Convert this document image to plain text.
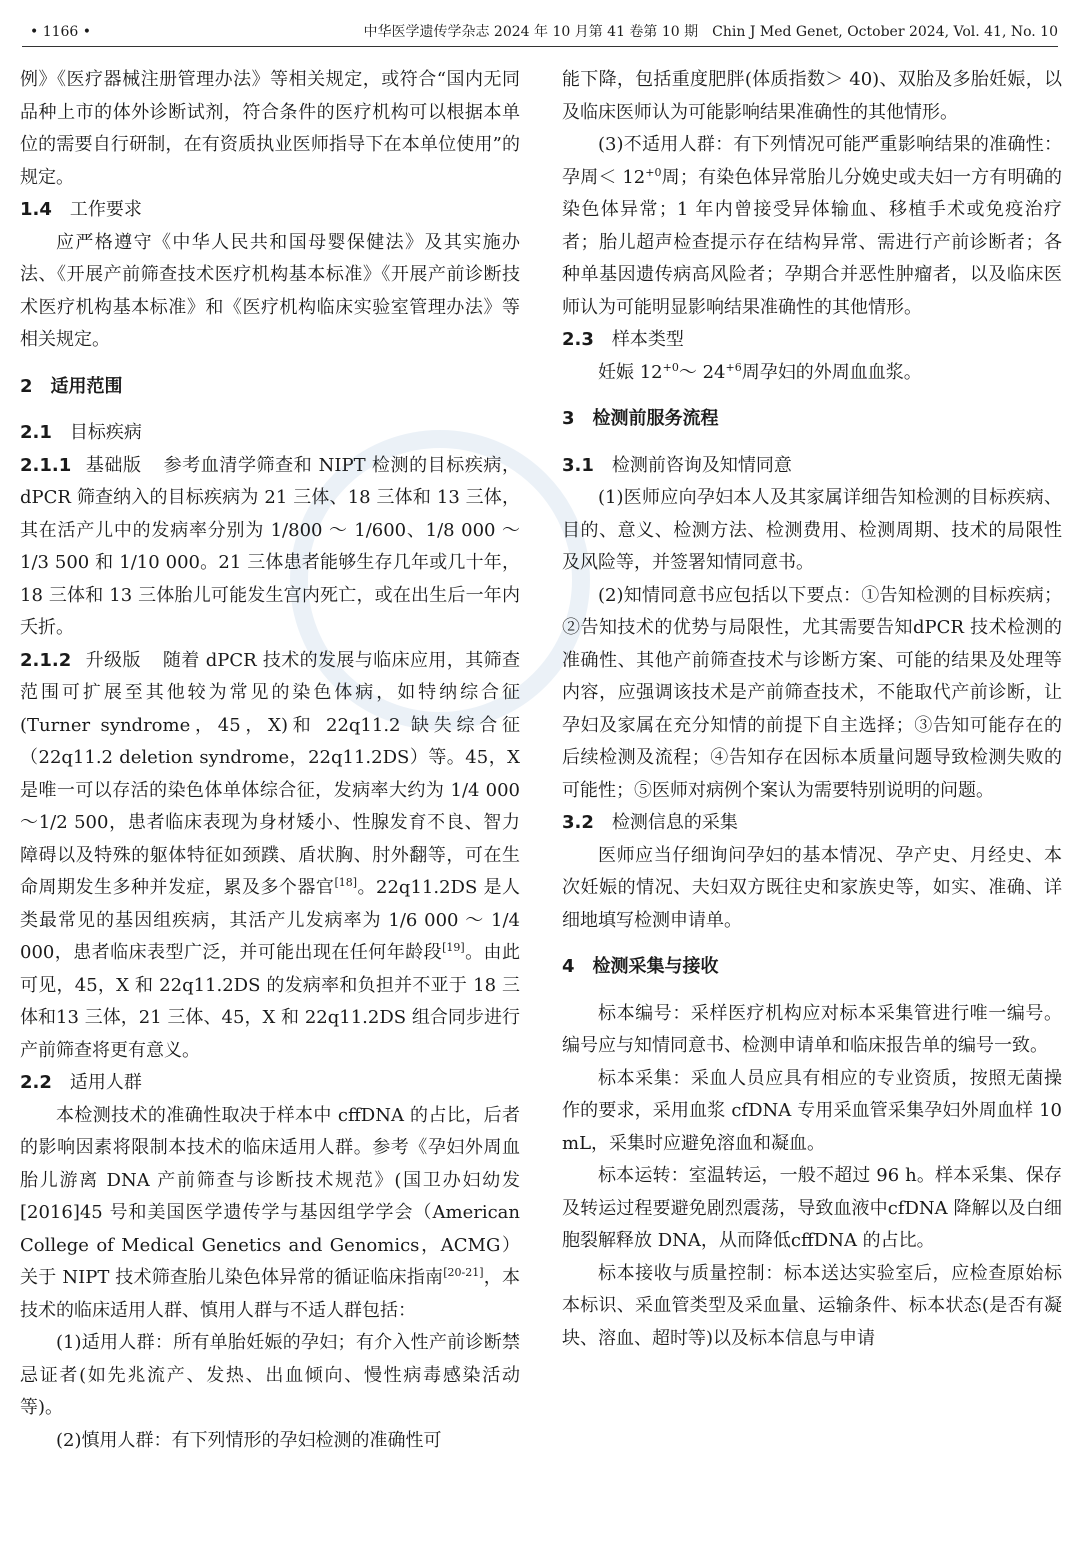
• 1166 •	中华医学遗传学杂志 2024 年 10 月第 41 卷第 10 期　Chin J Med Genet, October 2024, Vol. 41, No. 10

例》《医疗器械注册管理办法》等相关规定，或符合“国内无同品种上市的体外诊断试剂，符合条件的医疗机构可以根据本单位的需要自行研制，在有资质执业医师指导下在本单位使用”的规定。

1.4 工作要求

应严格遵守《中华人民共和国母婴保健法》及其实施办法、《开展产前筛查技术医疗机构基本标准》《开展产前诊断技术医疗机构基本标准》和《医疗机构临床实验室管理办法》等相关规定。

2　适用范围

2.1 目标疾病

2.1.1 基础版 参考血清学筛查和 NIPT 检测的目标疾病，dPCR 筛查纳入的目标疾病为 21 三体、18 三体和 13 三体，其在活产儿中的发病率分别为 1/800 ～ 1/600、1/8 000 ～ 1/3 500 和 1/10 000。21 三体患者能够生存几年或几十年，18 三体和 13 三体胎儿可能发生宫内死亡，或在出生后一年内夭折。

2.1.2 升级版 随着 dPCR 技术的发展与临床应用，其筛查范围可扩展至其他较为常见的染色体病，如特纳综合征(Turner syndrome，45，X)和 22q11.2 缺失综合征（22q11.2 deletion syndrome，22q11.2DS）等。45，X是唯一可以存活的染色体单体综合征，发病率大约为 1/4 000 ～1/2 500，患者临床表现为身材矮小、性腺发育不良、智力障碍以及特殊的躯体特征如颈蹼、盾状胸、肘外翻等，可在生命周期发生多种并发症，累及多个器官[18]。22q11.2DS 是人类最常见的基因组疾病，其活产儿发病率为 1/6 000 ～ 1/4 000，患者临床表型广泛，并可能出现在任何年龄段[19]。由此可见，45，X 和 22q11.2DS 的发病率和负担并不亚于 18 三体和13 三体，21 三体、45，X 和 22q11.2DS 组合同步进行产前筛查将更有意义。

2.2 适用人群

本检测技术的准确性取决于样本中 cffDNA 的占比，后者的影响因素将限制本技术的临床适用人群。参考《孕妇外周血胎儿游离 DNA 产前筛查与诊断技术规范》(国卫办妇幼发[2016]45 号和美国医学遗传学与基因组学学会（American College of Medical Genetics and Genomics，ACMG）关于 NIPT 技术筛查胎儿染色体异常的循证临床指南[20-21]，本技术的临床适用人群、慎用人群与不适人群包括：

(1)适用人群：所有单胎妊娠的孕妇；有介入性产前诊断禁忌证者(如先兆流产、发热、出血倾向、慢性病毒感染活动等)。

(2)慎用人群：有下列情形的孕妇检测的准确性可

能下降，包括重度肥胖(体质指数＞ 40)、双胎及多胎妊娠，以及临床医师认为可能影响结果准确性的其他情形。

(3)不适用人群：有下列情况可能严重影响结果的准确性：孕周＜ $12^{+0}$周；有染色体异常胎儿分娩史或夫妇一方有明确的染色体异常；1 年内曾接受异体输血、移植手术或免疫治疗者；胎儿超声检查提示存在结构异常、需进行产前诊断者；各种单基因遗传病高风险者；孕期合并恶性肿瘤者，以及临床医师认为可能明显影响结果准确性的其他情形。

2.3 样本类型

妊娠 $12^{+0}\sim$ $24^{+6}$周孕妇的外周血血浆。

3　检测前服务流程

3.1 检测前咨询及知情同意

(1)医师应向孕妇本人及其家属详细告知检测的目标疾病、目的、意义、检测方法、检测费用、检测周期、技术的局限性及风险等，并签署知情同意书。

(2)知情同意书应包括以下要点：①告知检测的目标疾病；②告知技术的优势与局限性，尤其需要告知dPCR 技术检测的准确性、其他产前筛查技术与诊断方案、可能的结果及处理等内容，应强调该技术是产前筛查技术，不能取代产前诊断，让孕妇及家属在充分知情的前提下自主选择；③告知可能存在的后续检测及流程；④告知存在因标本质量问题导致检测失败的可能性；⑤医师对病例个案认为需要特别说明的问题。

3.2 检测信息的采集

医师应当仔细询问孕妇的基本情况、孕产史、月经史、本次妊娠的情况、夫妇双方既往史和家族史等，如实、准确、详细地填写检测申请单。

4　检测采集与接收

标本编号：采样医疗机构应对标本采集管进行唯一编号。编号应与知情同意书、检测申请单和临床报告单的编号一致。

标本采集：采血人员应具有相应的专业资质，按照无菌操作的要求，采用血浆 cfDNA 专用采血管采集孕妇外周血样 10 mL，采集时应避免溶血和凝血。

标本运转：室温转运，一般不超过 96 h。样本采集、保存及转运过程要避免剧烈震荡，导致血液中cfDNA 降解以及白细胞裂解释放 DNA，从而降低cffDNA 的占比。

标本接收与质量控制：标本送达实验室后，应检查原始标本标识、采血管类型及采血量、运输条件、标本状态(是否有凝块、溶血、超时等)以及标本信息与申请
